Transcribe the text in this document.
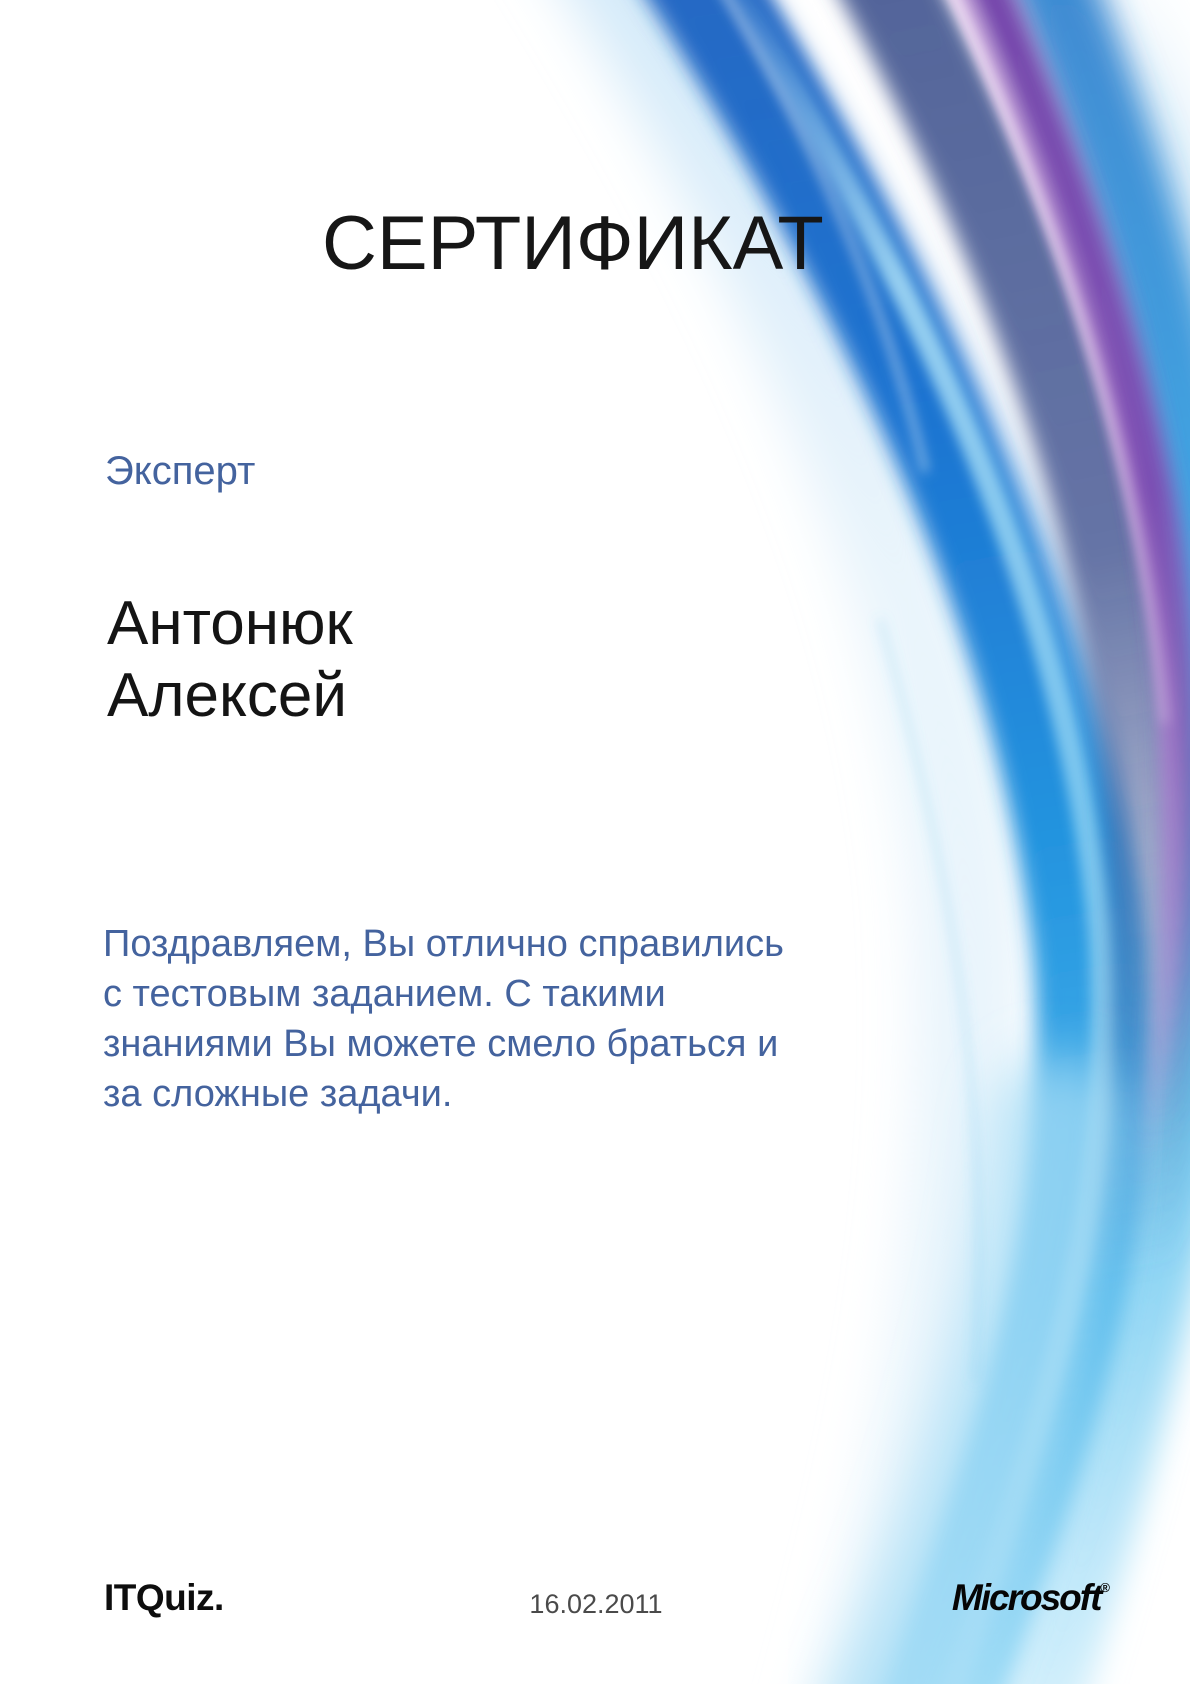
СЕРТИФИКАТ
Эксперт
Антонюк
Алексей
Поздравляем, Вы отлично справились
с тестовым заданием. С такими
знаниями Вы можете смело браться и
за сложные задачи.
ITQuiz.	16.02.2011	Microsoft®
